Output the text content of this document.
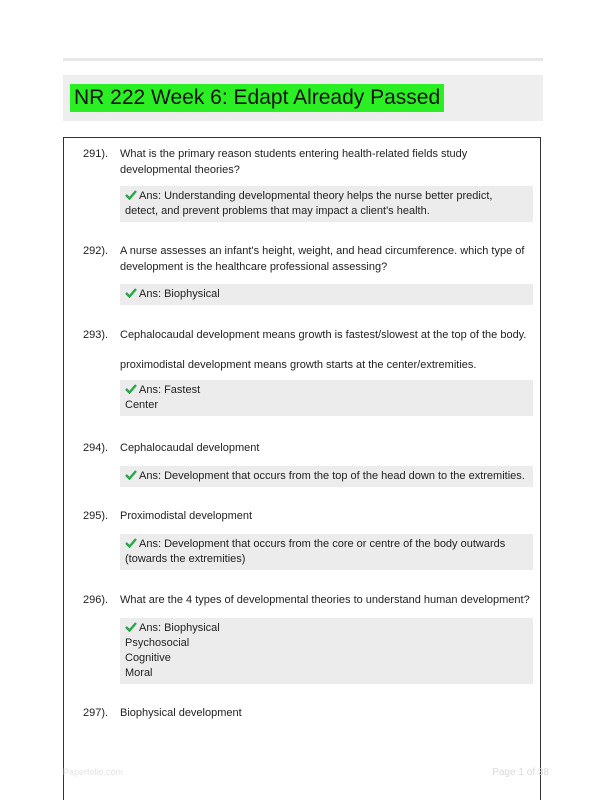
NR 222 Week 6: Edapt Already Passed
291). What is the primary reason students entering health-related fields study developmental theories?
Ans: Understanding developmental theory helps the nurse better predict, detect, and prevent problems that may impact a client's health.
292). A nurse assesses an infant's height, weight, and head circumference. which type of development is the healthcare professional assessing?
Ans: Biophysical
293). Cephalocaudal development means growth is fastest/slowest at the top of the body.
proximodistal development means growth starts at the center/extremities.
Ans: Fastest
Center
294). Cephalocaudal development
Ans: Development that occurs from the top of the head down to the extremities.
295). Proximodistal development
Ans: Development that occurs from the core or centre of the body outwards (towards the extremities)
296). What are the 4 types of developmental theories to understand human development?
Ans: Biophysical
Psychosocial
Cognitive
Moral
297). Biophysical development
Paperfolio.com	Page 1 of 38
